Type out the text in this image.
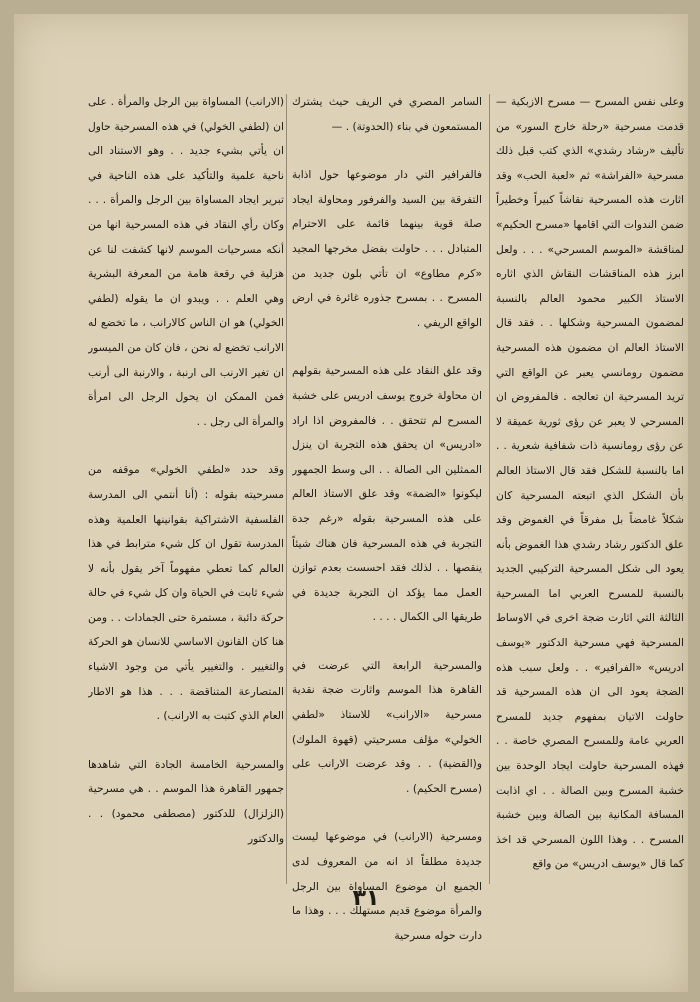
وعلى نفس المسرح — مسرح الازبكية — قدمت مسرحية «رحلة خارج السور» من تأليف «رشاد رشدي» الذي كتب قبل ذلك مسرحية «الفراشة» ثم «لعبة الحب» وقد اثارت هذه المسرحية نقاشاً كبيراً وخطيراً ضمن الندوات التي اقامها «مسرح الحكيم» لمناقشة «الموسم المسرحي» . . . ولعل ابرز هذه المناقشات النقاش الذي اثاره الاستاذ الكبير محمود العالم بالنسبة لمضمون المسرحية وشكلها . . فقد قال الاستاذ العالم ان مضمون هذه المسرحية مضمون رومانسي يعبر عن الواقع التي تريد المسرحية ان تعالجه . فالمفروض ان المسرحي لا يعبر عن رؤى ثورية عميقة لا عن رؤى رومانسية ذات شفافية شعرية . . اما بالنسبة للشكل فقد قال الاستاذ العالم بأن الشكل الذي اتبعته المسرحية كان شكلاً غامضاً بل مفرقاً في الغموض وقد علق الدكتور رشاد رشدي هذا الغموض بأنه يعود الى شكل المسرحية التركيبي الجديد بالنسبة للمسرح العربي اما المسرحية الثالثة التي اثارت ضجة اخرى في الاوساط المسرحية فهي مسرحية الدكتور «يوسف ادريس» «الفرافير» . . ولعل سبب هذه الضجة يعود الى ان هذه المسرحية قد حاولت الاتيان بمفهوم جديد للمسرح العربي عامة وللمسرح المصري خاصة . . فهذه المسرحية حاولت ايجاد الوحدة بين خشبة المسرح وبين الصالة . . اي اذابت المسافة المكانية بين الصالة وبين خشبة المسرح . . وهذا اللون المسرحي قد اخذ كما قال «يوسف ادريس» من واقع

السامر المصري في الريف حيث يشترك المستمعون في بناء (الحدوتة) . —

فالفرافير التي دار موضوعها حول اذابة التفرقة بين السيد والفرفور ومحاولة ايجاد صلة قوية بينهما قائمة على الاحترام المتبادل . . . حاولت بفضل مخرجها المجيد «كرم مطاوع» ان تأتي بلون جديد من المسرح . . بمسرح جذوره غائرة في ارض الواقع الريفي .

وقد علق النقاد على هذه المسرحية بقولهم ان محاولة خروج يوسف ادريس على خشبة المسرح لم تتحقق . . فالمفروض اذا اراد «ادريس» ان يحقق هذه التجربة ان ينزل الممثلين الى الصالة . . الى وسط الجمهور ليكونوا «الضمة» وقد علق الاستاذ العالم على هذه المسرحية بقوله «رغم جدة التجربة في هذه المسرحية فان هناك شيئاً ينقصها . . لذلك فقد احسست بعدم توازن العمل مما يؤكد ان التجربة جديدة في طريقها الى الكمال . . . .

والمسرحية الرابعة التي عرضت في القاهرة هذا الموسم واثارت ضجة نقدية مسرحية «الارانب» للاستاذ «لطفي الخولي» مؤلف مسرحيتي (قهوة الملوك) و(القضية) . . وقد عرضت الارانب على (مسرح الحكيم) .

ومسرحية (الارانب) في موضوعها ليست جديدة مطلقاً اذ انه من المعروف لدى الجميع ان موضوع المساواة بين الرجل والمرأة موضوع قديم مستهلك . . . وهذا ما دارت حوله مسرحية

(الارانب) المساواة بين الرجل والمرأة . على ان (لطفي الخولي) في هذه المسرحية حاول ان يأتي بشيء جديد . . وهو الاستناد الى ناحية علمية والتأكيد على هذه الناحية في تبرير ايجاد المساواة بين الرجل والمرأة . . . وكان رأي النقاد في هذه المسرحية انها من أنكه مسرحيات الموسم لانها كشفت لنا عن هزلية في رقعة هامة من المعرفة البشرية وهي العلم . . ويبدو ان ما يقوله (لطفي الخولي) هو ان الناس كالارانب ، ما تخضع له الارانب تخضع له نحن ، فان كان من الميسور ان تغير الارنب الى ارنبة ، والارنبة الى أرنب فمن الممكن ان يحول الرجل الى امرأة والمرأة الى رجل . .

وقد حدد «لطفي الخولي» موقفه من مسرحيته بقوله : (أنا أنتمي الى المدرسة الفلسفية الاشتراكية بقوانينها العلمية وهذه المدرسة تقول ان كل شيء مترابط في هذا العالم كما تعطي مفهوماً آخر يقول بأنه لا شيء ثابت في الحياة وان كل شيء في حالة حركة دائبة ، مستمرة حتى الجمادات . . ومن هنا كان القانون الاساسي للانسان هو الحركة والتغيير . والتغيير يأتي من وجود الاشياء المتصارعة المتناقضة . . . هذا هو الاطار العام الذي كتبت به الارانب) .

والمسرحية الخامسة الجادة التي شاهدها جمهور القاهرة هذا الموسم . . هي مسرحية (الزلزال) للدكتور (مصطفى محمود) . . والدكتور

٣١
